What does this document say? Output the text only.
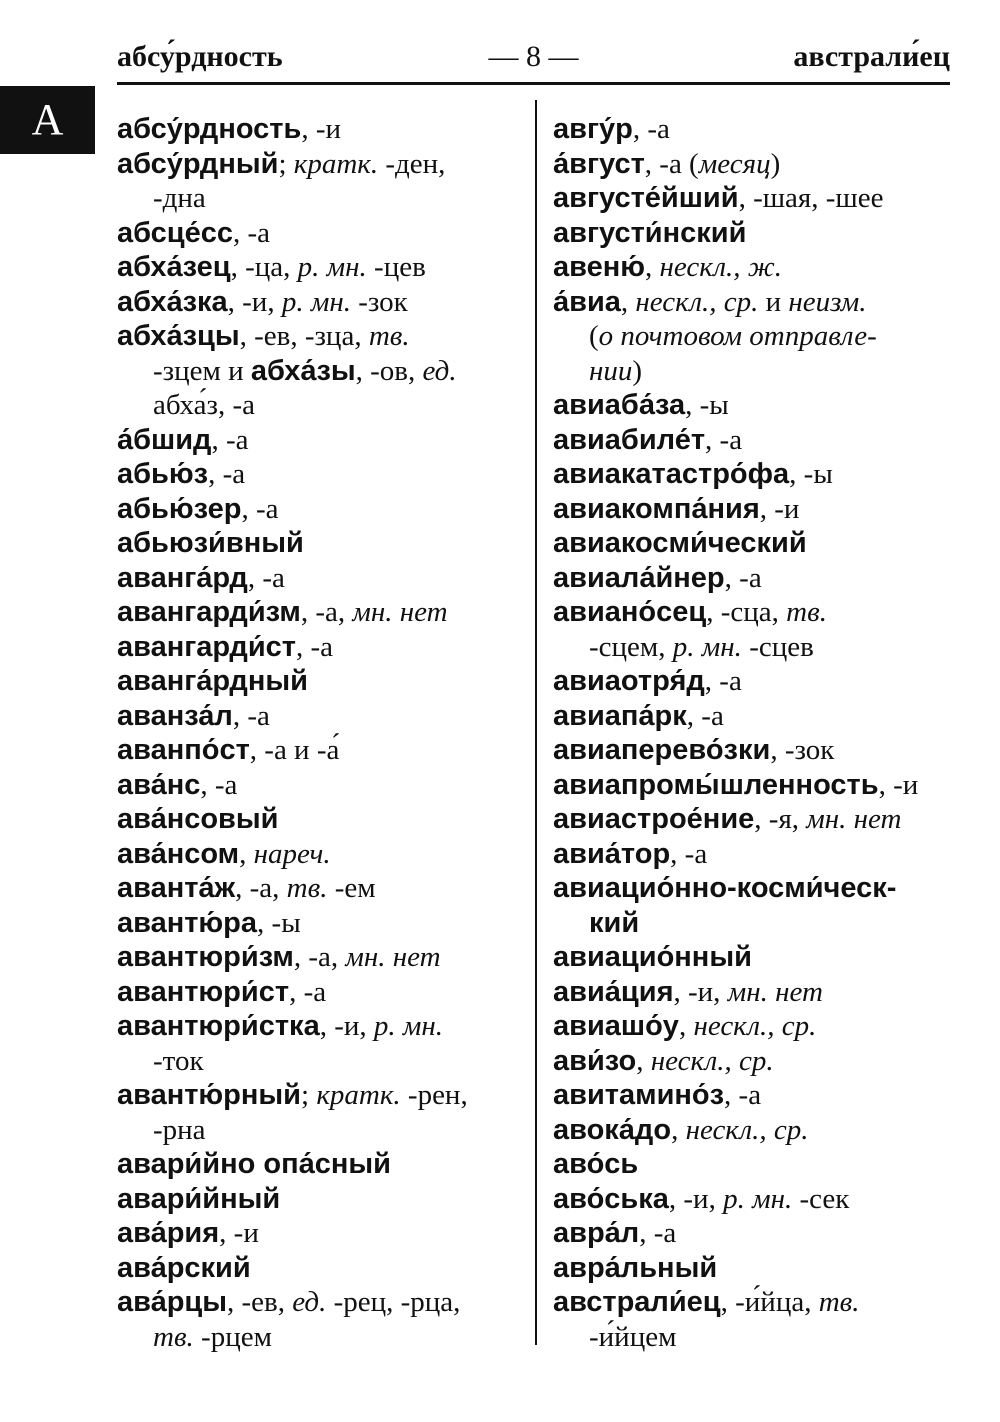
абсу́рдность	— 8 —	австрали́ец
А	абсу́рдность, -и
абсу́рдный; кратк. -ден,
-дна
абсце́сс, -а
абха́зец, -ца, р. мн. -цев
абха́зка, -и, р. мн. -зок
абха́зцы, -ев, -зца, тв.
-зцем и абха́зы, -ов, ед.
абха́з, -а
а́бшид, -а
абью́з, -а
абью́зер, -а
абьюзи́вный
аванга́рд, -а
авангарди́зм, -а, мн. нет
авангарди́ст, -а
аванга́рдный
аванза́л, -а
аванпо́ст, -а и -а́
ава́нс, -а
ава́нсовый
ава́нсом, нареч.
аванта́ж, -а, тв. -ем
авантю́ра, -ы
авантюри́зм, -а, мн. нет
авантюри́ст, -а
авантюри́стка, -и, р. мн.
-ток
авантю́рный; кратк. -рен,
-рна
авари́йно опа́сный
авари́йный
ава́рия, -и
ава́рский
ава́рцы, -ев, ед. -рец, -рца,
тв. -рцем
авгу́р, -а
а́вгуст, -а (месяц)
августе́йший, -шая, -шее
августи́нский
авеню́, нескл., ж.
а́виа, нескл., ср. и неизм.
(о почтовом отправле-
нии)
авиаба́за, -ы
авиабиле́т, -а
авиакатастро́фа, -ы
авиакомпа́ния, -и
авиакосми́ческий
авиала́йнер, -а
авиано́сец, -сца, тв.
-сцем, р. мн. -сцев
авиаотря́д, -а
авиапа́рк, -а
авиаперево́зки, -зок
авиапромы́шленность, -и
авиастрое́ние, -я, мн. нет
авиа́тор, -а
авиацио́нно-косми́ческ-
кий
авиацио́нный
авиа́ция, -и, мн. нет
авиашо́у, нескл., ср.
ави́зо, нескл., ср.
авитамино́з, -а
авока́до, нескл., ср.
аво́сь
аво́ська, -и, р. мн. -сек
авра́л, -а
авра́льный
австрали́ец, -и́йца, тв.
-и́йцем
